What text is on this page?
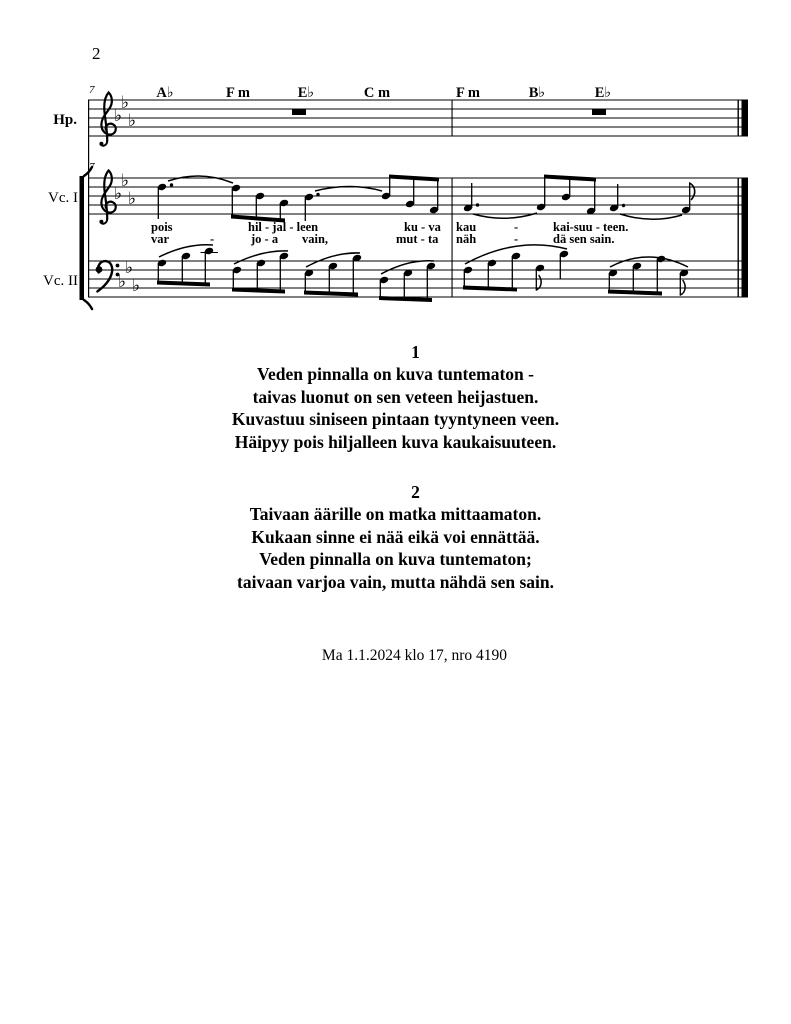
2
Hp.
Vc. I
Vc. II
7
7
♭
♭
♭
♭
♭
♭
♭
♭
♭
A♭	F m	E♭	C m	F m	B♭	E♭
pois	hil - jal - leen	ku - va kau	-	kai-suu - teen.
var	-	jo - a vain,	mut - ta näh	-	dä sen sain.
1
Veden pinnalla on kuva tuntematon -
taivas luonut on sen veteen heijastuen.
Kuvastuu siniseen pintaan tyyntyneen veen.
Häipyy pois hiljalleen kuva kaukaisuuteen.
2
Taivaan äärille on matka mittaamaton.
Kukaan sinne ei nää eikä voi ennättää.
Veden pinnalla on kuva tuntematon;
taivaan varjoa vain, mutta nähdä sen sain.
Ma 1.1.2024 klo 17, nro 4190
